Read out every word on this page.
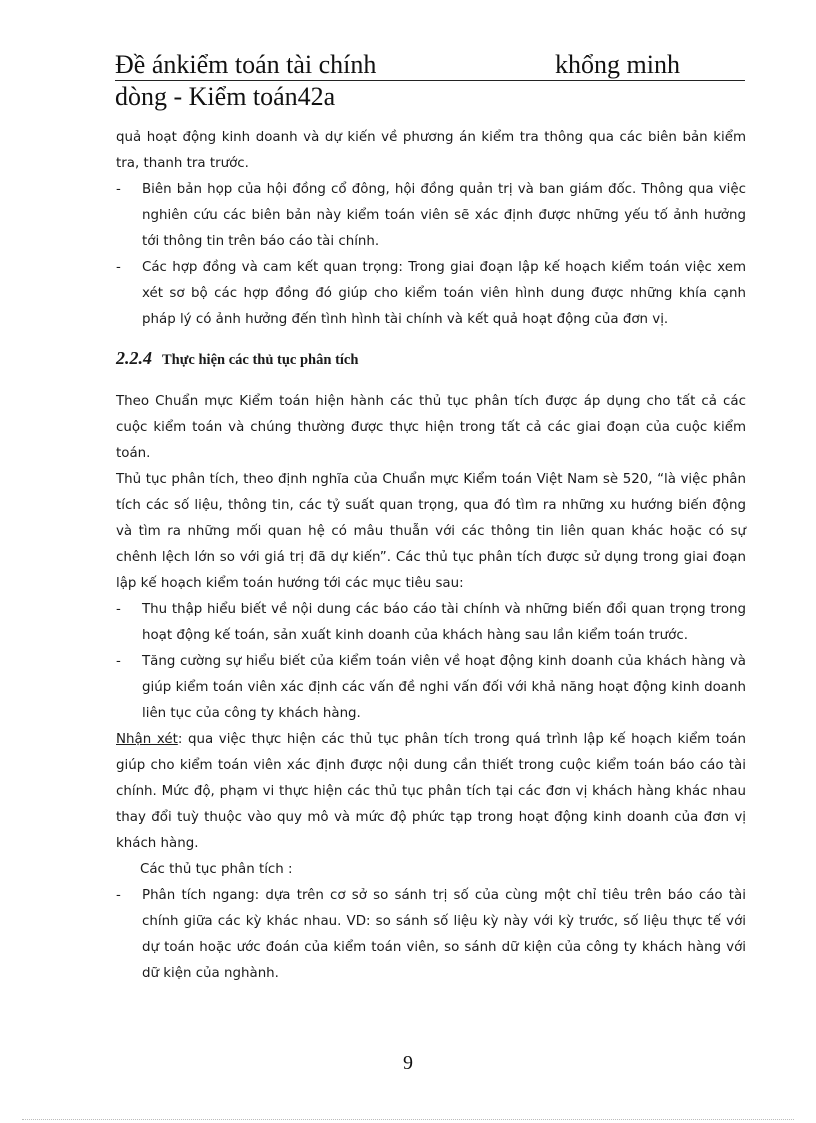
Đề ánkiểm toán tài chính	khổng minh
dòng - Kiểm toán42a

quả hoạt động kinh doanh và dự kiến về phương án kiểm tra thông qua các biên bản kiểm tra, thanh tra trước.

- Biên bản họp của hội đồng cổ đông, hội đồng quản trị và ban giám đốc. Thông qua việc nghiên cứu các biên bản này kiểm toán viên sẽ xác định được những yếu tố ảnh hưởng tới thông tin trên báo cáo tài chính.
- Các hợp đồng và cam kết quan trọng: Trong giai đoạn lập kế hoạch kiểm toán việc xem xét sơ bộ các hợp đồng đó giúp cho kiểm toán viên hình dung được những khía cạnh pháp lý có ảnh hưởng đến tình hình tài chính và kết quả hoạt động của đơn vị.
2.2.4 Thực hiện các thủ tục phân tích

Theo Chuẩn mực Kiểm toán hiện hành các thủ tục phân tích được áp dụng cho tất cả các cuộc kiểm toán và chúng thường được thực hiện trong tất cả các giai đoạn của cuộc kiểm toán.

Thủ tục phân tích, theo định nghĩa của Chuẩn mực Kiểm toán Việt Nam sè 520, “là việc phân tích các số liệu, thông tin, các tỷ suất quan trọng, qua đó tìm ra những xu hướng biến động và tìm ra những mối quan hệ có mâu thuẫn với các thông tin liên quan khác hoặc có sự chênh lệch lớn so với giá trị đã dự kiến”. Các thủ tục phân tích được sử dụng trong giai đoạn lập kế hoạch kiểm toán hướng tới các mục tiêu sau:

- Thu thập hiểu biết về nội dung các báo cáo tài chính và những biến đổi quan trọng trong hoạt động kế toán, sản xuất kinh doanh của khách hàng sau lần kiểm toán trước.
- Tăng cường sự hiểu biết của kiểm toán viên về hoạt động kinh doanh của khách hàng và giúp kiểm toán viên xác định các vấn đề nghi vấn đối với khả năng hoạt động kinh doanh liên tục của công ty khách hàng.

Nhận xét: qua việc thực hiện các thủ tục phân tích trong quá trình lập kế hoạch kiểm toán giúp cho kiểm toán viên xác định được nội dung cần thiết trong cuộc kiểm toán báo cáo tài chính. Mức độ, phạm vi thực hiện các thủ tục phân tích tại các đơn vị khách hàng khác nhau thay đổi tuỳ thuộc vào quy mô và mức độ phức tạp trong hoạt động kinh doanh của đơn vị khách hàng.

Các thủ tục phân tích :

- Phân tích ngang: dựa trên cơ sở so sánh trị số của cùng một chỉ tiêu trên báo cáo tài chính giữa các kỳ khác nhau. VD: so sánh số liệu kỳ này với kỳ trước, số liệu thực tế với dự toán hoặc ước đoán của kiểm toán viên, so sánh dữ kiện của công ty khách hàng với dữ kiện của nghành.
9
